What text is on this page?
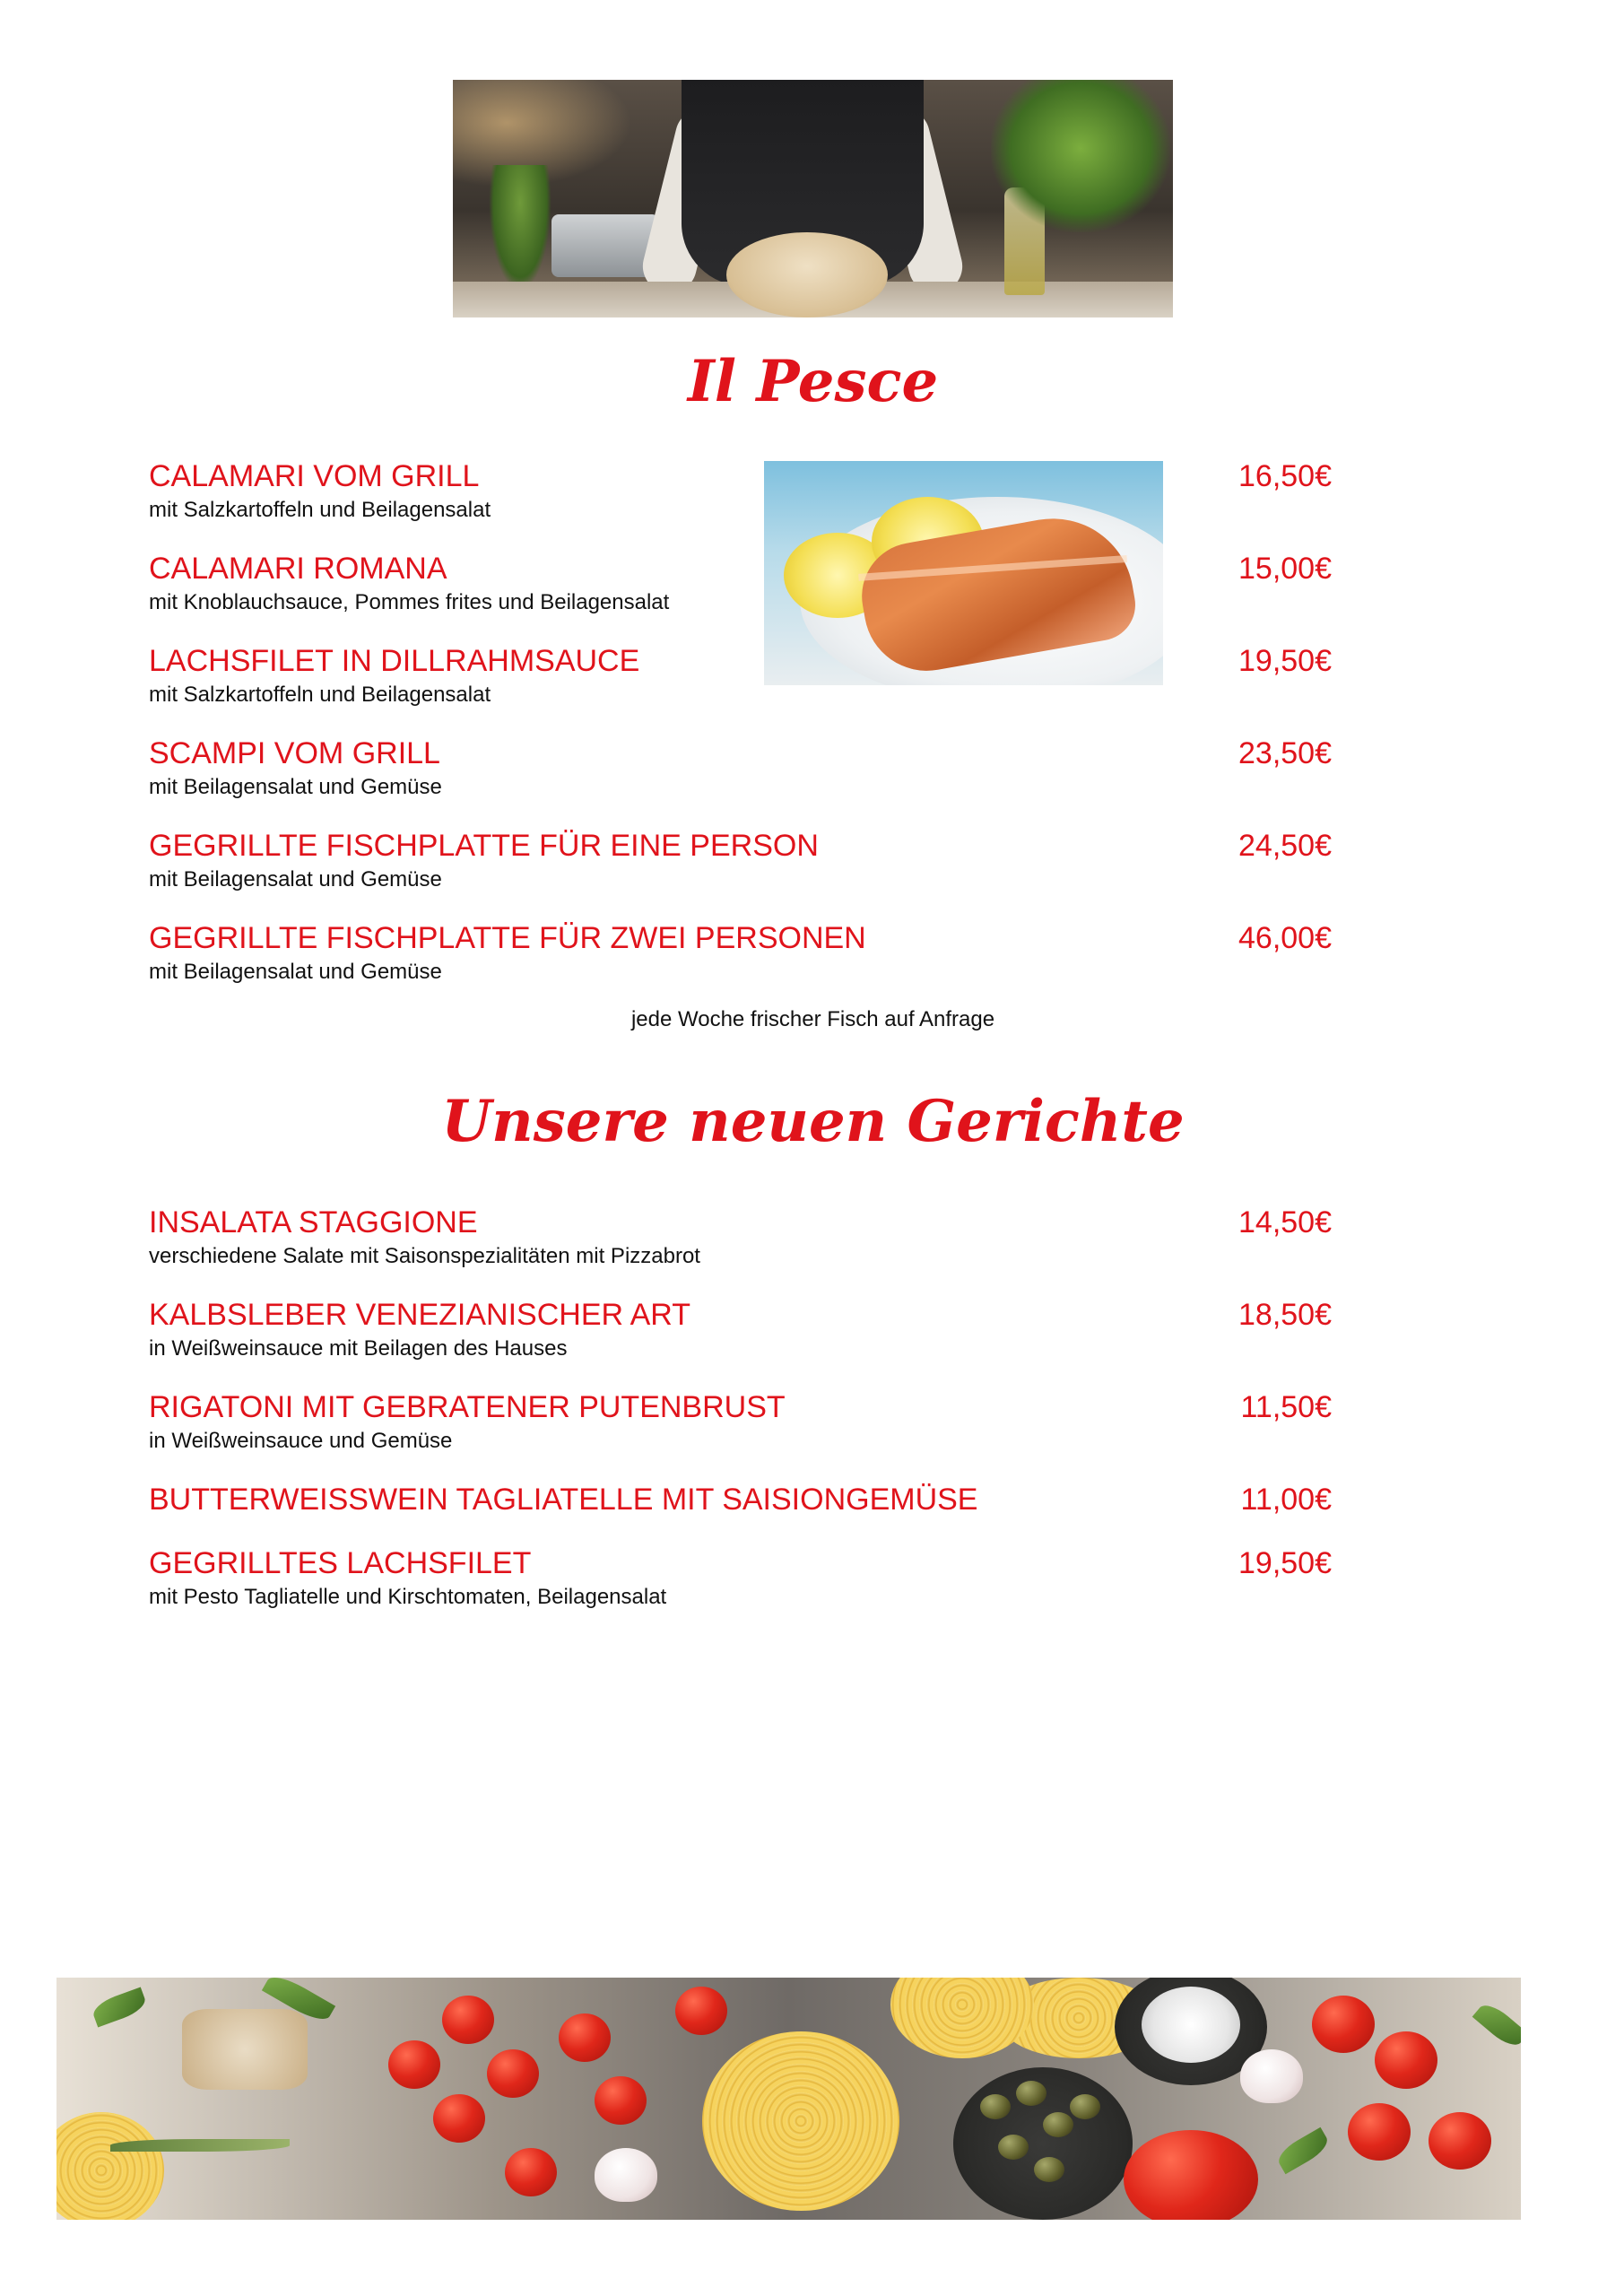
Il Pesce
CALAMARI VOM GRILL
mit Salzkartoffeln und Beilagensalat
16,50€
CALAMARI ROMANA
mit Knoblauchsauce, Pommes frites und Beilagensalat
15,00€
LACHSFILET IN DILLRAHMSAUCE
mit Salzkartoffeln und Beilagensalat
19,50€
SCAMPI VOM GRILL
mit Beilagensalat und Gemüse
23,50€
GEGRILLTE FISCHPLATTE FÜR EINE PERSON
mit Beilagensalat und Gemüse
24,50€
GEGRILLTE FISCHPLATTE FÜR ZWEI PERSONEN
mit Beilagensalat und Gemüse
46,00€
jede Woche frischer Fisch auf Anfrage
Unsere neuen Gerichte
INSALATA STAGGIONE
verschiedene Salate mit Saisonspezialitäten mit Pizzabrot
14,50€
KALBSLEBER VENEZIANISCHER ART
in Weißweinsauce mit Beilagen des Hauses
18,50€
RIGATONI MIT GEBRATENER PUTENBRUST
in Weißweinsauce und Gemüse
11,50€
BUTTERWEISSWEIN TAGLIATELLE MIT SAISIONGEMÜSE	11,00€
GEGRILLTES LACHSFILET
mit Pesto Tagliatelle und Kirschtomaten, Beilagensalat
19,50€
